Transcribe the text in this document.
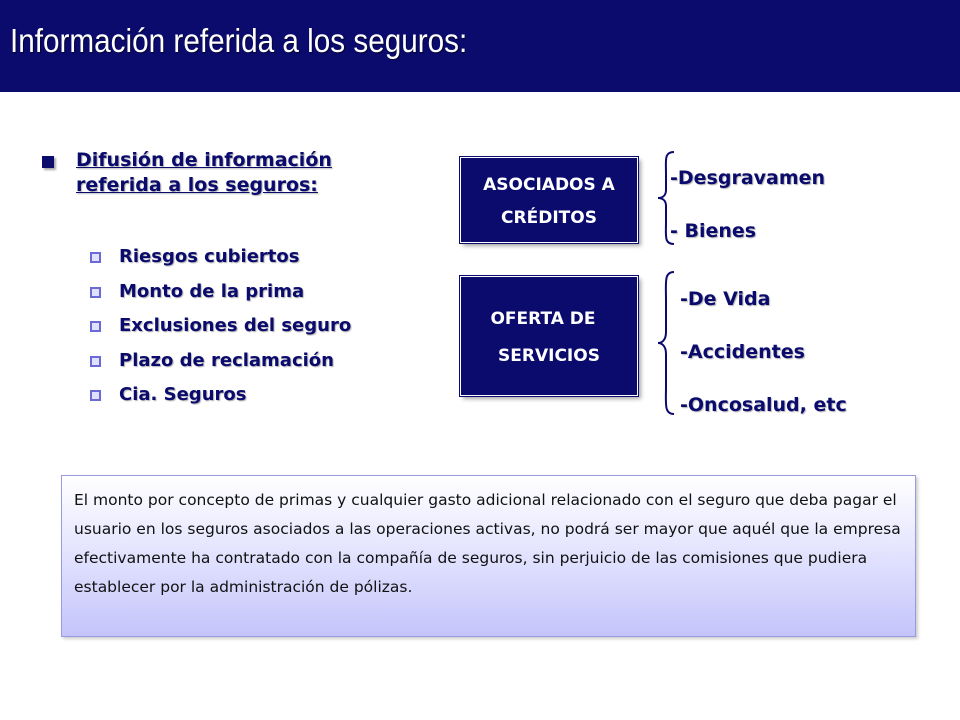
Información referida a los seguros:
Difusión de información referida a los seguros:
Riesgos cubiertos
Monto de la prima
Exclusiones del seguro
Plazo de reclamación
Cia. Seguros
ASOCIADOS A
CRÉDITOS
OFERTA DE
SERVICIOS
-Desgravamen
- Bienes
-De Vida
-Accidentes
-Oncosalud, etc
El monto por concepto de primas y cualquier gasto adicional relacionado con el seguro que deba pagar el usuario en los seguros asociados a las operaciones activas, no podrá ser mayor que aquél que la empresa efectivamente ha contratado con la compañía de seguros, sin perjuicio de las comisiones que pudiera establecer por la administración de pólizas.
